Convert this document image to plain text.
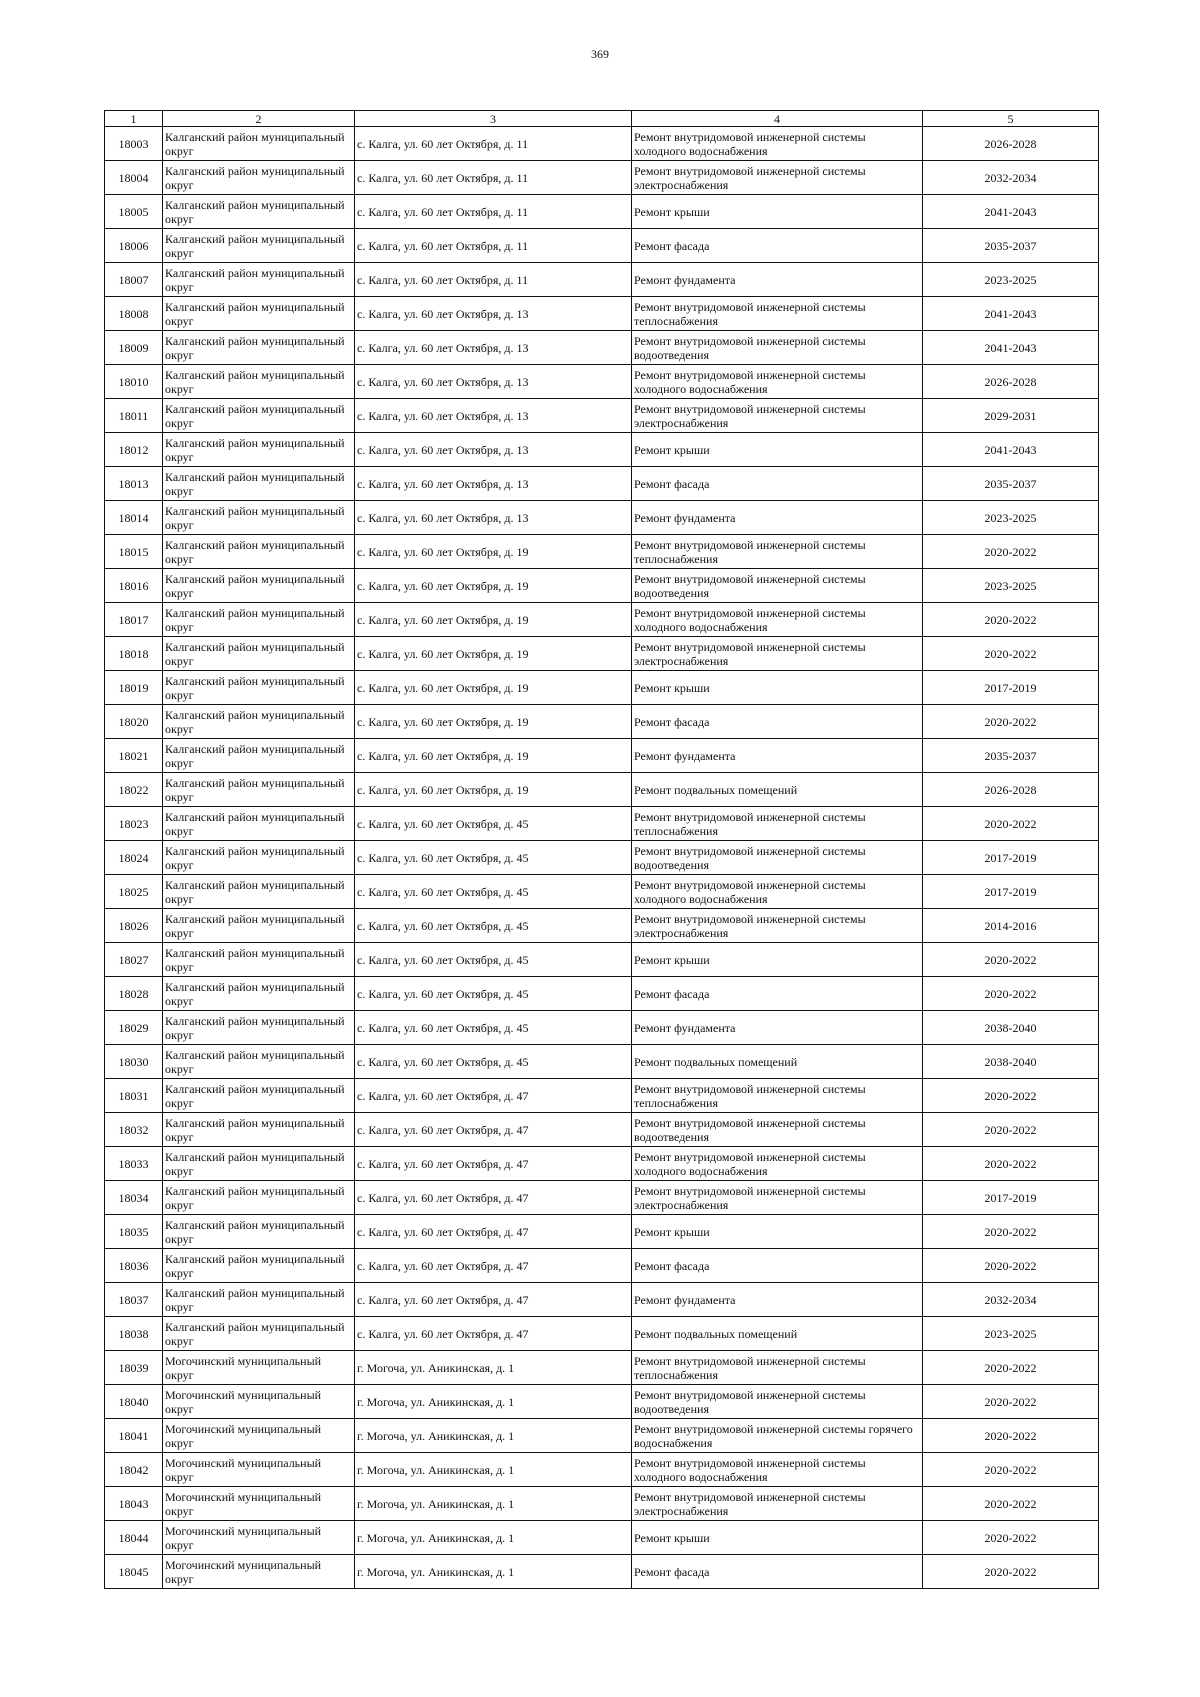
369
1	2	3	4	5
18003	Калганский район муниципальный округ	с. Калга, ул. 60 лет Октября, д. 11	Ремонт внутридомовой инженерной системы холодного водоснабжения	2026-2028
18004	Калганский район муниципальный округ	с. Калга, ул. 60 лет Октября, д. 11	Ремонт внутридомовой инженерной системы электроснабжения	2032-2034
18005	Калганский район муниципальный округ	с. Калга, ул. 60 лет Октября, д. 11	Ремонт крыши	2041-2043
18006	Калганский район муниципальный округ	с. Калга, ул. 60 лет Октября, д. 11	Ремонт фасада	2035-2037
18007	Калганский район муниципальный округ	с. Калга, ул. 60 лет Октября, д. 11	Ремонт фундамента	2023-2025
18008	Калганский район муниципальный округ	с. Калга, ул. 60 лет Октября, д. 13	Ремонт внутридомовой инженерной системы теплоснабжения	2041-2043
18009	Калганский район муниципальный округ	с. Калга, ул. 60 лет Октября, д. 13	Ремонт внутридомовой инженерной системы водоотведения	2041-2043
18010	Калганский район муниципальный округ	с. Калга, ул. 60 лет Октября, д. 13	Ремонт внутридомовой инженерной системы холодного водоснабжения	2026-2028
18011	Калганский район муниципальный округ	с. Калга, ул. 60 лет Октября, д. 13	Ремонт внутридомовой инженерной системы электроснабжения	2029-2031
18012	Калганский район муниципальный округ	с. Калга, ул. 60 лет Октября, д. 13	Ремонт крыши	2041-2043
18013	Калганский район муниципальный округ	с. Калга, ул. 60 лет Октября, д. 13	Ремонт фасада	2035-2037
18014	Калганский район муниципальный округ	с. Калга, ул. 60 лет Октября, д. 13	Ремонт фундамента	2023-2025
18015	Калганский район муниципальный округ	с. Калга, ул. 60 лет Октября, д. 19	Ремонт внутридомовой инженерной системы теплоснабжения	2020-2022
18016	Калганский район муниципальный округ	с. Калга, ул. 60 лет Октября, д. 19	Ремонт внутридомовой инженерной системы водоотведения	2023-2025
18017	Калганский район муниципальный округ	с. Калга, ул. 60 лет Октября, д. 19	Ремонт внутридомовой инженерной системы холодного водоснабжения	2020-2022
18018	Калганский район муниципальный округ	с. Калга, ул. 60 лет Октября, д. 19	Ремонт внутридомовой инженерной системы электроснабжения	2020-2022
18019	Калганский район муниципальный округ	с. Калга, ул. 60 лет Октября, д. 19	Ремонт крыши	2017-2019
18020	Калганский район муниципальный округ	с. Калга, ул. 60 лет Октября, д. 19	Ремонт фасада	2020-2022
18021	Калганский район муниципальный округ	с. Калга, ул. 60 лет Октября, д. 19	Ремонт фундамента	2035-2037
18022	Калганский район муниципальный округ	с. Калга, ул. 60 лет Октября, д. 19	Ремонт подвальных помещений	2026-2028
18023	Калганский район муниципальный округ	с. Калга, ул. 60 лет Октября, д. 45	Ремонт внутридомовой инженерной системы теплоснабжения	2020-2022
18024	Калганский район муниципальный округ	с. Калга, ул. 60 лет Октября, д. 45	Ремонт внутридомовой инженерной системы водоотведения	2017-2019
18025	Калганский район муниципальный округ	с. Калга, ул. 60 лет Октября, д. 45	Ремонт внутридомовой инженерной системы холодного водоснабжения	2017-2019
18026	Калганский район муниципальный округ	с. Калга, ул. 60 лет Октября, д. 45	Ремонт внутридомовой инженерной системы электроснабжения	2014-2016
18027	Калганский район муниципальный округ	с. Калга, ул. 60 лет Октября, д. 45	Ремонт крыши	2020-2022
18028	Калганский район муниципальный округ	с. Калга, ул. 60 лет Октября, д. 45	Ремонт фасада	2020-2022
18029	Калганский район муниципальный округ	с. Калга, ул. 60 лет Октября, д. 45	Ремонт фундамента	2038-2040
18030	Калганский район муниципальный округ	с. Калга, ул. 60 лет Октября, д. 45	Ремонт подвальных помещений	2038-2040
18031	Калганский район муниципальный округ	с. Калга, ул. 60 лет Октября, д. 47	Ремонт внутридомовой инженерной системы теплоснабжения	2020-2022
18032	Калганский район муниципальный округ	с. Калга, ул. 60 лет Октября, д. 47	Ремонт внутридомовой инженерной системы водоотведения	2020-2022
18033	Калганский район муниципальный округ	с. Калга, ул. 60 лет Октября, д. 47	Ремонт внутридомовой инженерной системы холодного водоснабжения	2020-2022
18034	Калганский район муниципальный округ	с. Калга, ул. 60 лет Октября, д. 47	Ремонт внутридомовой инженерной системы электроснабжения	2017-2019
18035	Калганский район муниципальный округ	с. Калга, ул. 60 лет Октября, д. 47	Ремонт крыши	2020-2022
18036	Калганский район муниципальный округ	с. Калга, ул. 60 лет Октября, д. 47	Ремонт фасада	2020-2022
18037	Калганский район муниципальный округ	с. Калга, ул. 60 лет Октября, д. 47	Ремонт фундамента	2032-2034
18038	Калганский район муниципальный округ	с. Калга, ул. 60 лет Октября, д. 47	Ремонт подвальных помещений	2023-2025
18039	Могочинский муниципальный округ	г. Могоча, ул. Аникинская, д. 1	Ремонт внутридомовой инженерной системы теплоснабжения	2020-2022
18040	Могочинский муниципальный округ	г. Могоча, ул. Аникинская, д. 1	Ремонт внутридомовой инженерной системы водоотведения	2020-2022
18041	Могочинский муниципальный округ	г. Могоча, ул. Аникинская, д. 1	Ремонт внутридомовой инженерной системы горячего водоснабжения	2020-2022
18042	Могочинский муниципальный округ	г. Могоча, ул. Аникинская, д. 1	Ремонт внутридомовой инженерной системы холодного водоснабжения	2020-2022
18043	Могочинский муниципальный округ	г. Могоча, ул. Аникинская, д. 1	Ремонт внутридомовой инженерной системы электроснабжения	2020-2022
18044	Могочинский муниципальный округ	г. Могоча, ул. Аникинская, д. 1	Ремонт крыши	2020-2022
18045	Могочинский муниципальный округ	г. Могоча, ул. Аникинская, д. 1	Ремонт фасада	2020-2022
